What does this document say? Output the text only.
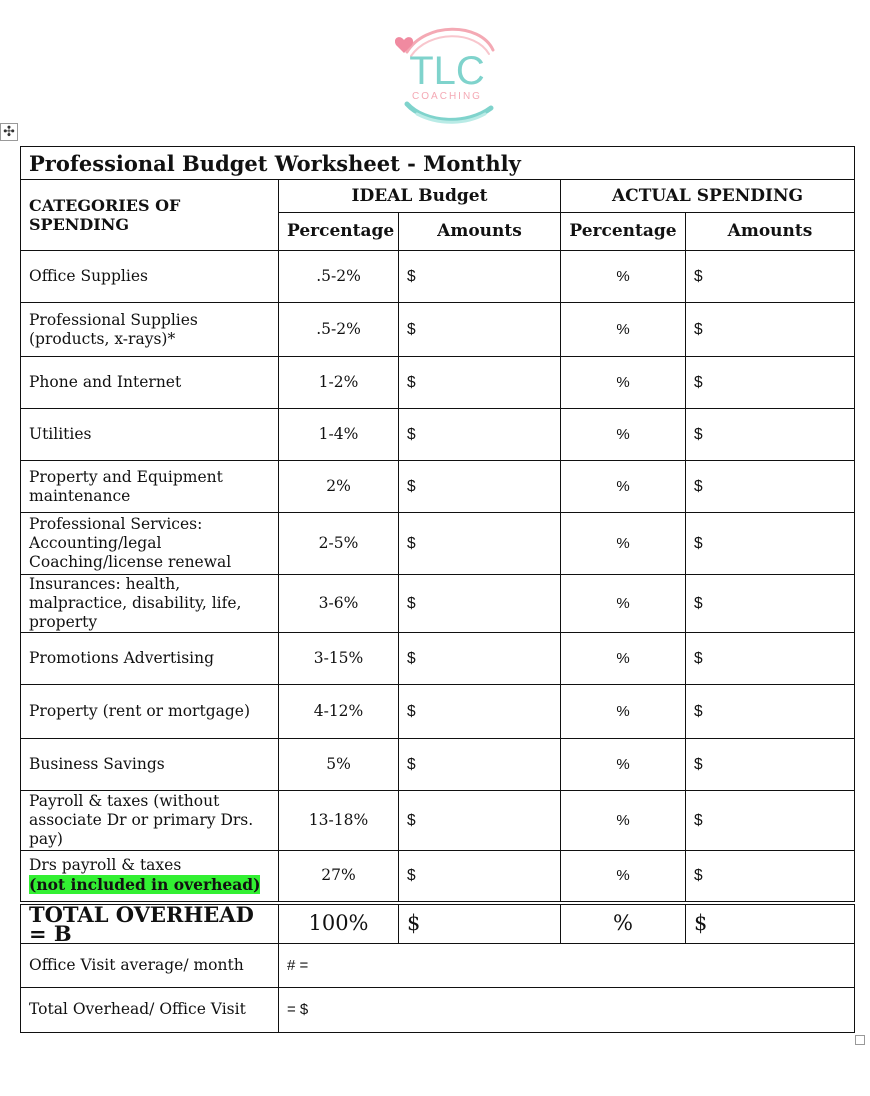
TLC
COACHING
✣
Professional Budget Worksheet - Monthly				
CATEGORIES OF SPENDING	IDEAL Budget		ACTUAL SPENDING	
	Percentage	Amounts	Percentage	Amounts
Office Supplies	.5-2%	$	%	$
Professional Supplies (products, x-rays)*	.5-2%	$	%	$
Phone and Internet	1-2%	$	%	$
Utilities	1-4%	$	%	$
Property and Equipment maintenance	2%	$	%	$
Professional Services: Accounting/legal Coaching/license renewal	2-5%	$	%	$
Insurances: health, malpractice, disability, life, property	3-6%	$	%	$
Promotions Advertising	3-15%	$	%	$
Property (rent or mortgage)	4-12%	$	%	$
Business Savings	5%	$	%	$
Payroll & taxes (without associate Dr or primary Drs. pay)	13-18%	$	%	$
Drs payroll & taxes
(not included in overhead)	27%	$	%	$
TOTAL OVERHEAD = B	100%	$	%	$
Office Visit average/ month	# =			
Total Overhead/ Office Visit	= $			
